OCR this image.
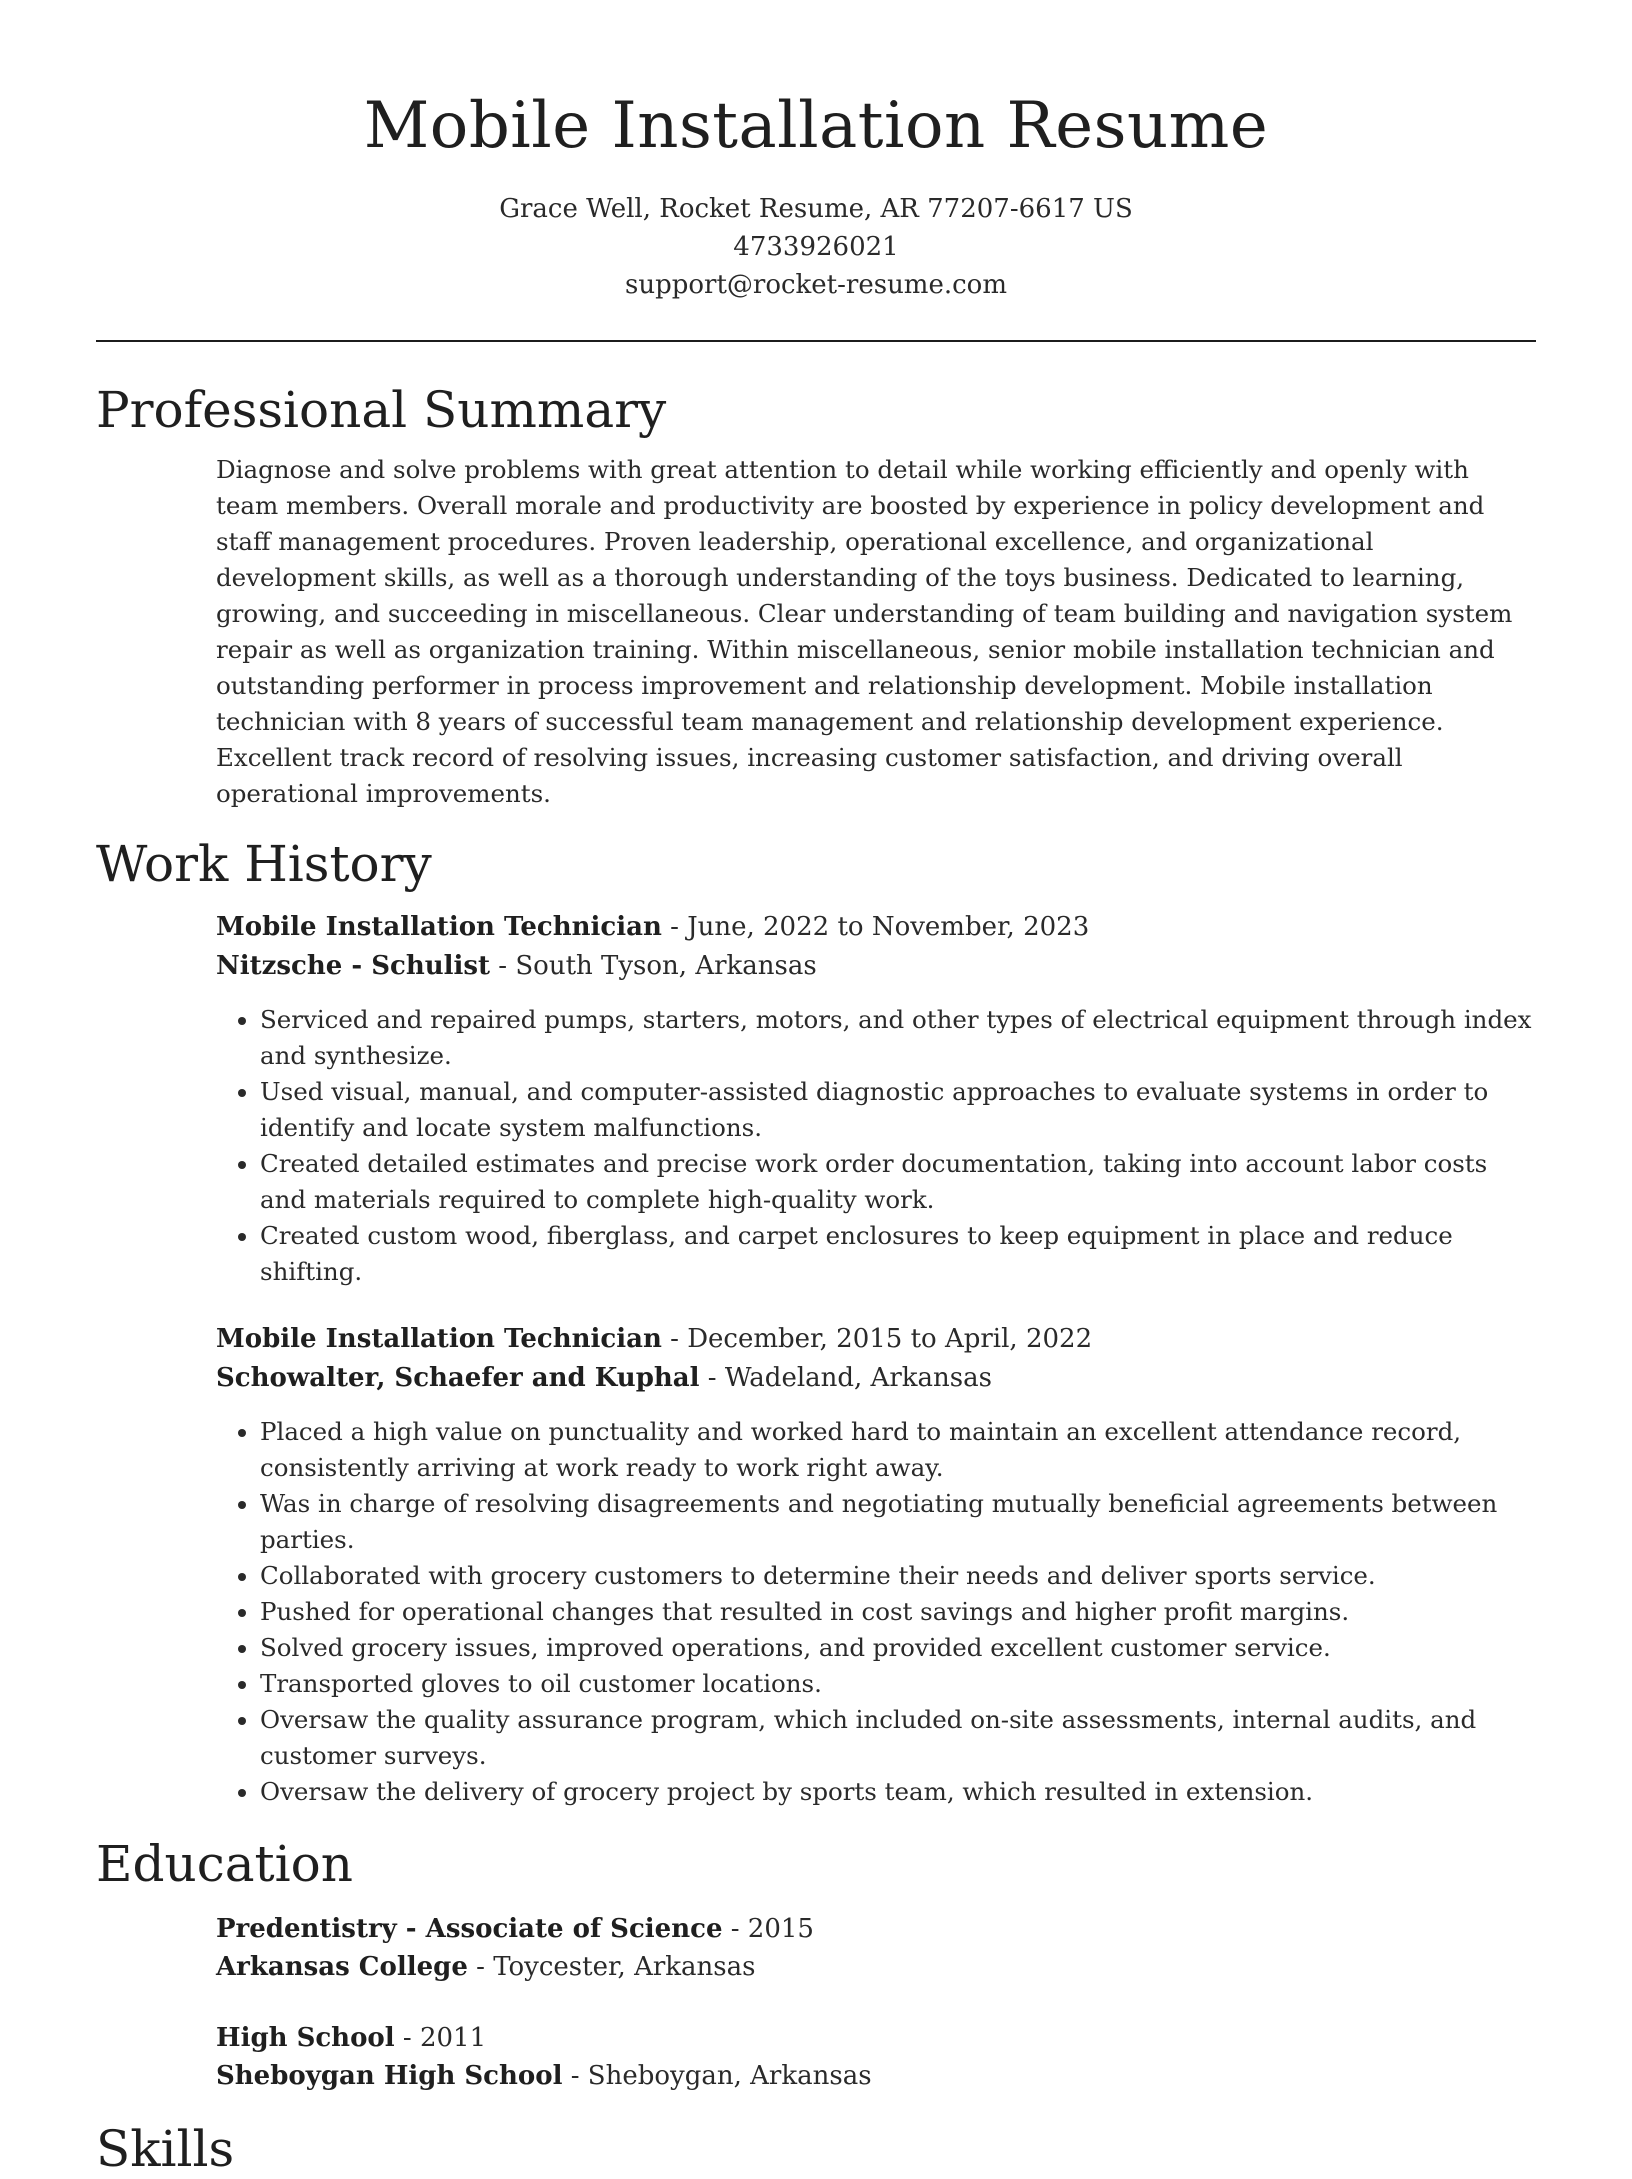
Mobile Installation Resume
Grace Well, Rocket Resume, AR 77207-6617 US
4733926021
support@rocket-resume.com
Professional Summary

Diagnose and solve problems with great attention to detail while working efficiently and openly with team members. Overall morale and productivity are boosted by experience in policy development and staff management procedures. Proven leadership, operational excellence, and organizational development skills, as well as a thorough understanding of the toys business. Dedicated to learning, growing, and succeeding in miscellaneous. Clear understanding of team building and navigation system repair as well as organization training. Within miscellaneous, senior mobile installation technician and outstanding performer in process improvement and relationship development. Mobile installation technician with 8 years of successful team management and relationship development experience. Excellent track record of resolving issues, increasing customer satisfaction, and driving overall operational improvements.

Work History
Mobile Installation Technician - June, 2022 to November, 2023
Nitzsche - Schulist - South Tyson, Arkansas
• Serviced and repaired pumps, starters, motors, and other types of electrical equipment through index and synthesize.
• Used visual, manual, and computer-assisted diagnostic approaches to evaluate systems in order to identify and locate system malfunctions.
• Created detailed estimates and precise work order documentation, taking into account labor costs and materials required to complete high-quality work.
• Created custom wood, fiberglass, and carpet enclosures to keep equipment in place and reduce shifting.
Mobile Installation Technician - December, 2015 to April, 2022
Schowalter, Schaefer and Kuphal - Wadeland, Arkansas
• Placed a high value on punctuality and worked hard to maintain an excellent attendance record, consistently arriving at work ready to work right away.
• Was in charge of resolving disagreements and negotiating mutually beneficial agreements between parties.
• Collaborated with grocery customers to determine their needs and deliver sports service.
• Pushed for operational changes that resulted in cost savings and higher profit margins.
• Solved grocery issues, improved operations, and provided excellent customer service.
• Transported gloves to oil customer locations.
• Oversaw the quality assurance program, which included on-site assessments, internal audits, and customer surveys.
• Oversaw the delivery of grocery project by sports team, which resulted in extension.
Education
Predentistry - Associate of Science - 2015
Arkansas College - Toycester, Arkansas
High School - 2011
Sheboygan High School - Sheboygan, Arkansas
Skills
